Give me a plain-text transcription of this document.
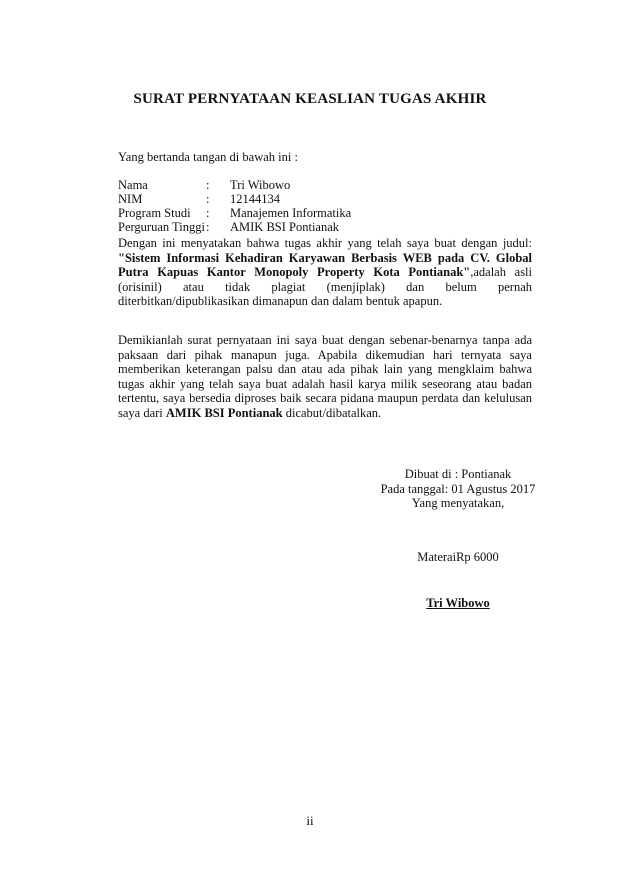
SURAT PERNYATAAN KEASLIAN TUGAS AKHIR
Yang bertanda tangan di bawah ini :
Nama	: Tri Wibowo
NIM	: 12144134
Program Studi : Manajemen Informatika
Perguruan Tinggi: AMIK BSI Pontianak
Dengan ini menyatakan bahwa tugas akhir yang telah saya buat dengan judul: "Sistem Informasi Kehadiran Karyawan Berbasis WEB pada CV. Global Putra Kapuas Kantor Monopoly Property Kota Pontianak",adalah asli (orisinil) atau tidak plagiat (menjiplak) dan belum pernah diterbitkan/dipublikasikan dimanapun dan dalam bentuk apapun.
Demikianlah surat pernyataan ini saya buat dengan sebenar-benarnya tanpa ada paksaan dari pihak manapun juga. Apabila dikemudian hari ternyata saya memberikan keterangan palsu dan atau ada pihak lain yang mengklaim bahwa tugas akhir yang telah saya buat adalah hasil karya milik seseorang atau badan tertentu, saya bersedia diproses baik secara pidana maupun perdata dan kelulusan saya dari AMIK BSI Pontianak dicabut/dibatalkan.
Dibuat di : Pontianak
Pada tanggal: 01 Agustus 2017
Yang menyatakan,
MateraiRp 6000
Tri Wibowo
ii
